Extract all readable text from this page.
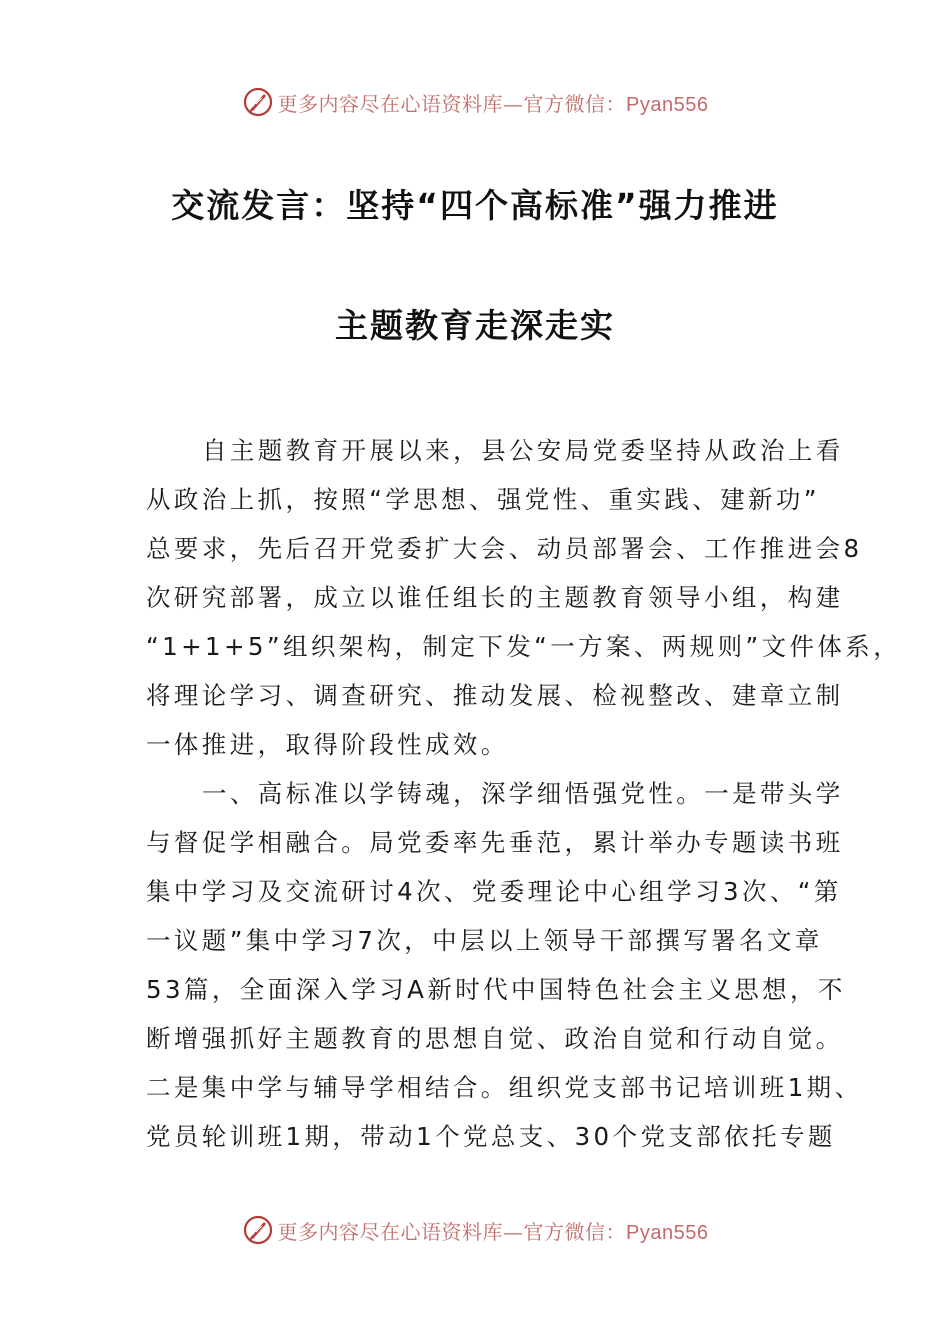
更多内容尽在心语资料库—官方微信：Pyan556
交流发言：坚持“四个高标准”强力推进
主题教育走深走实
自主题教育开展以来，县公安局党委坚持从政治上看
从政治上抓，按照“学思想、强党性、重实践、建新功”
总要求，先后召开党委扩大会、动员部署会、工作推进会8
次研究部署，成立以谁任组长的主题教育领导小组，构建
“1+1+5”组织架构，制定下发“一方案、两规则”文件体系，
将理论学习、调查研究、推动发展、检视整改、建章立制
一体推进，取得阶段性成效。
一、高标准以学铸魂，深学细悟强党性。一是带头学
与督促学相融合。局党委率先垂范，累计举办专题读书班
集中学习及交流研讨4次、党委理论中心组学习3次、“第
一议题”集中学习7次，中层以上领导干部撰写署名文章
53篇，全面深入学习A新时代中国特色社会主义思想，不
断增强抓好主题教育的思想自觉、政治自觉和行动自觉。
二是集中学与辅导学相结合。组织党支部书记培训班1期、
党员轮训班1期，带动1个党总支、30个党支部依托专题
更多内容尽在心语资料库—官方微信：Pyan556
